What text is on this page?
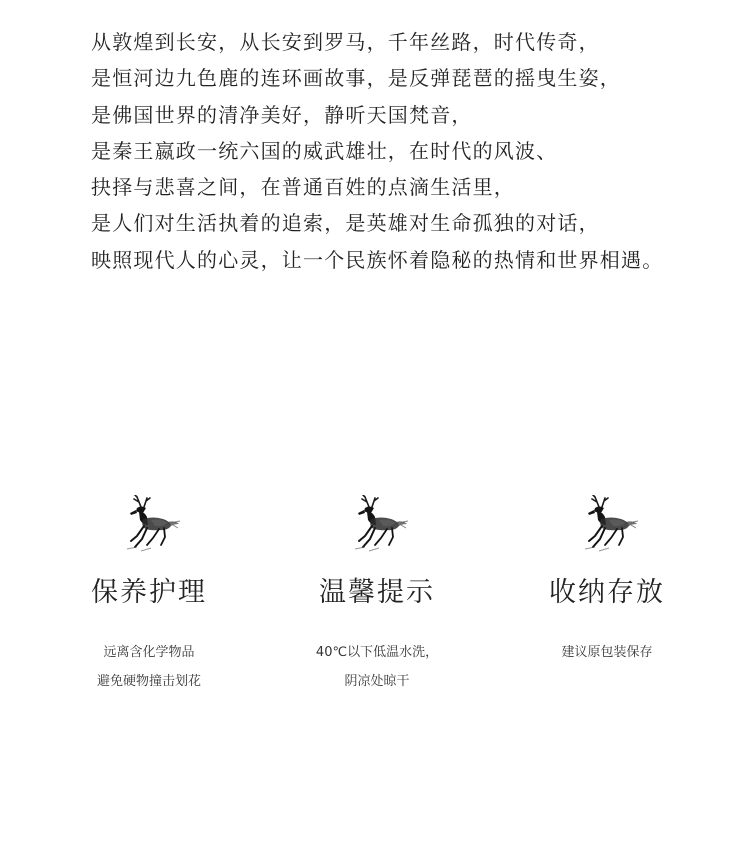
从敦煌到长安，从长安到罗马，千年丝路，时代传奇，
是恒河边九色鹿的连环画故事，是反弹琵琶的摇曳生姿，
是佛国世界的清净美好，静听天国梵音，
是秦王嬴政一统六国的威武雄壮，在时代的风波、
抉择与悲喜之间，在普通百姓的点滴生活里，
是人们对生活执着的追索，是英雄对生命孤独的对话，
映照现代人的心灵，让一个民族怀着隐秘的热情和世界相遇。
保养护理
远离含化学物品
避免硬物撞击划花
温馨提示
40℃以下低温水洗，
阴凉处晾干
收纳存放
建议原包装保存
